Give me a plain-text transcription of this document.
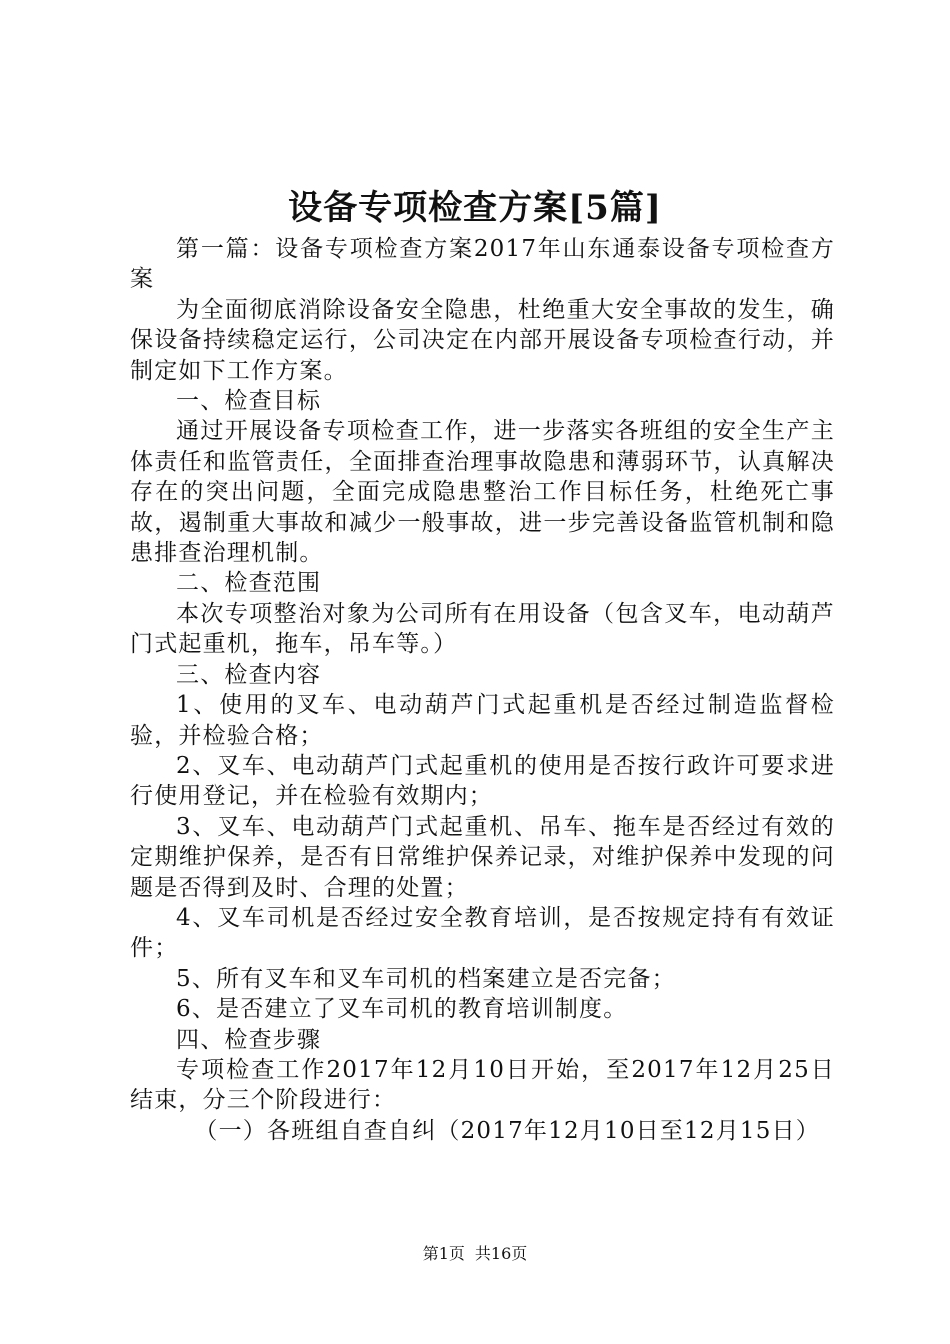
设备专项检查方案[5篇]

第一篇：设备专项检查方案2017年山东通泰设备专项检查方案

为全面彻底消除设备安全隐患，杜绝重大安全事故的发生，确保设备持续稳定运行，公司决定在内部开展设备专项检查行动，并制定如下工作方案。

一、检查目标

通过开展设备专项检查工作，进一步落实各班组的安全生产主体责任和监管责任，全面排查治理事故隐患和薄弱环节，认真解决存在的突出问题，全面完成隐患整治工作目标任务，杜绝死亡事故，遏制重大事故和减少一般事故，进一步完善设备监管机制和隐患排查治理机制。

二、检查范围

本次专项整治对象为公司所有在用设备（包含叉车，电动葫芦门式起重机，拖车，吊车等。）

三、检查内容

1、使用的叉车、电动葫芦门式起重机是否经过制造监督检验，并检验合格；

2、叉车、电动葫芦门式起重机的使用是否按行政许可要求进行使用登记，并在检验有效期内；

3、叉车、电动葫芦门式起重机、吊车、拖车是否经过有效的定期维护保养，是否有日常维护保养记录，对维护保养中发现的问题是否得到及时、合理的处置；

4、叉车司机是否经过安全教育培训，是否按规定持有有效证件；

5、所有叉车和叉车司机的档案建立是否完备；

6、是否建立了叉车司机的教育培训制度。

四、检查步骤

专项检查工作2017年12月10日开始，至2017年12月25日结束，分三个阶段进行：

（一）各班组自查自纠（2017年12月10日至12月15日）

第1页 共16页
